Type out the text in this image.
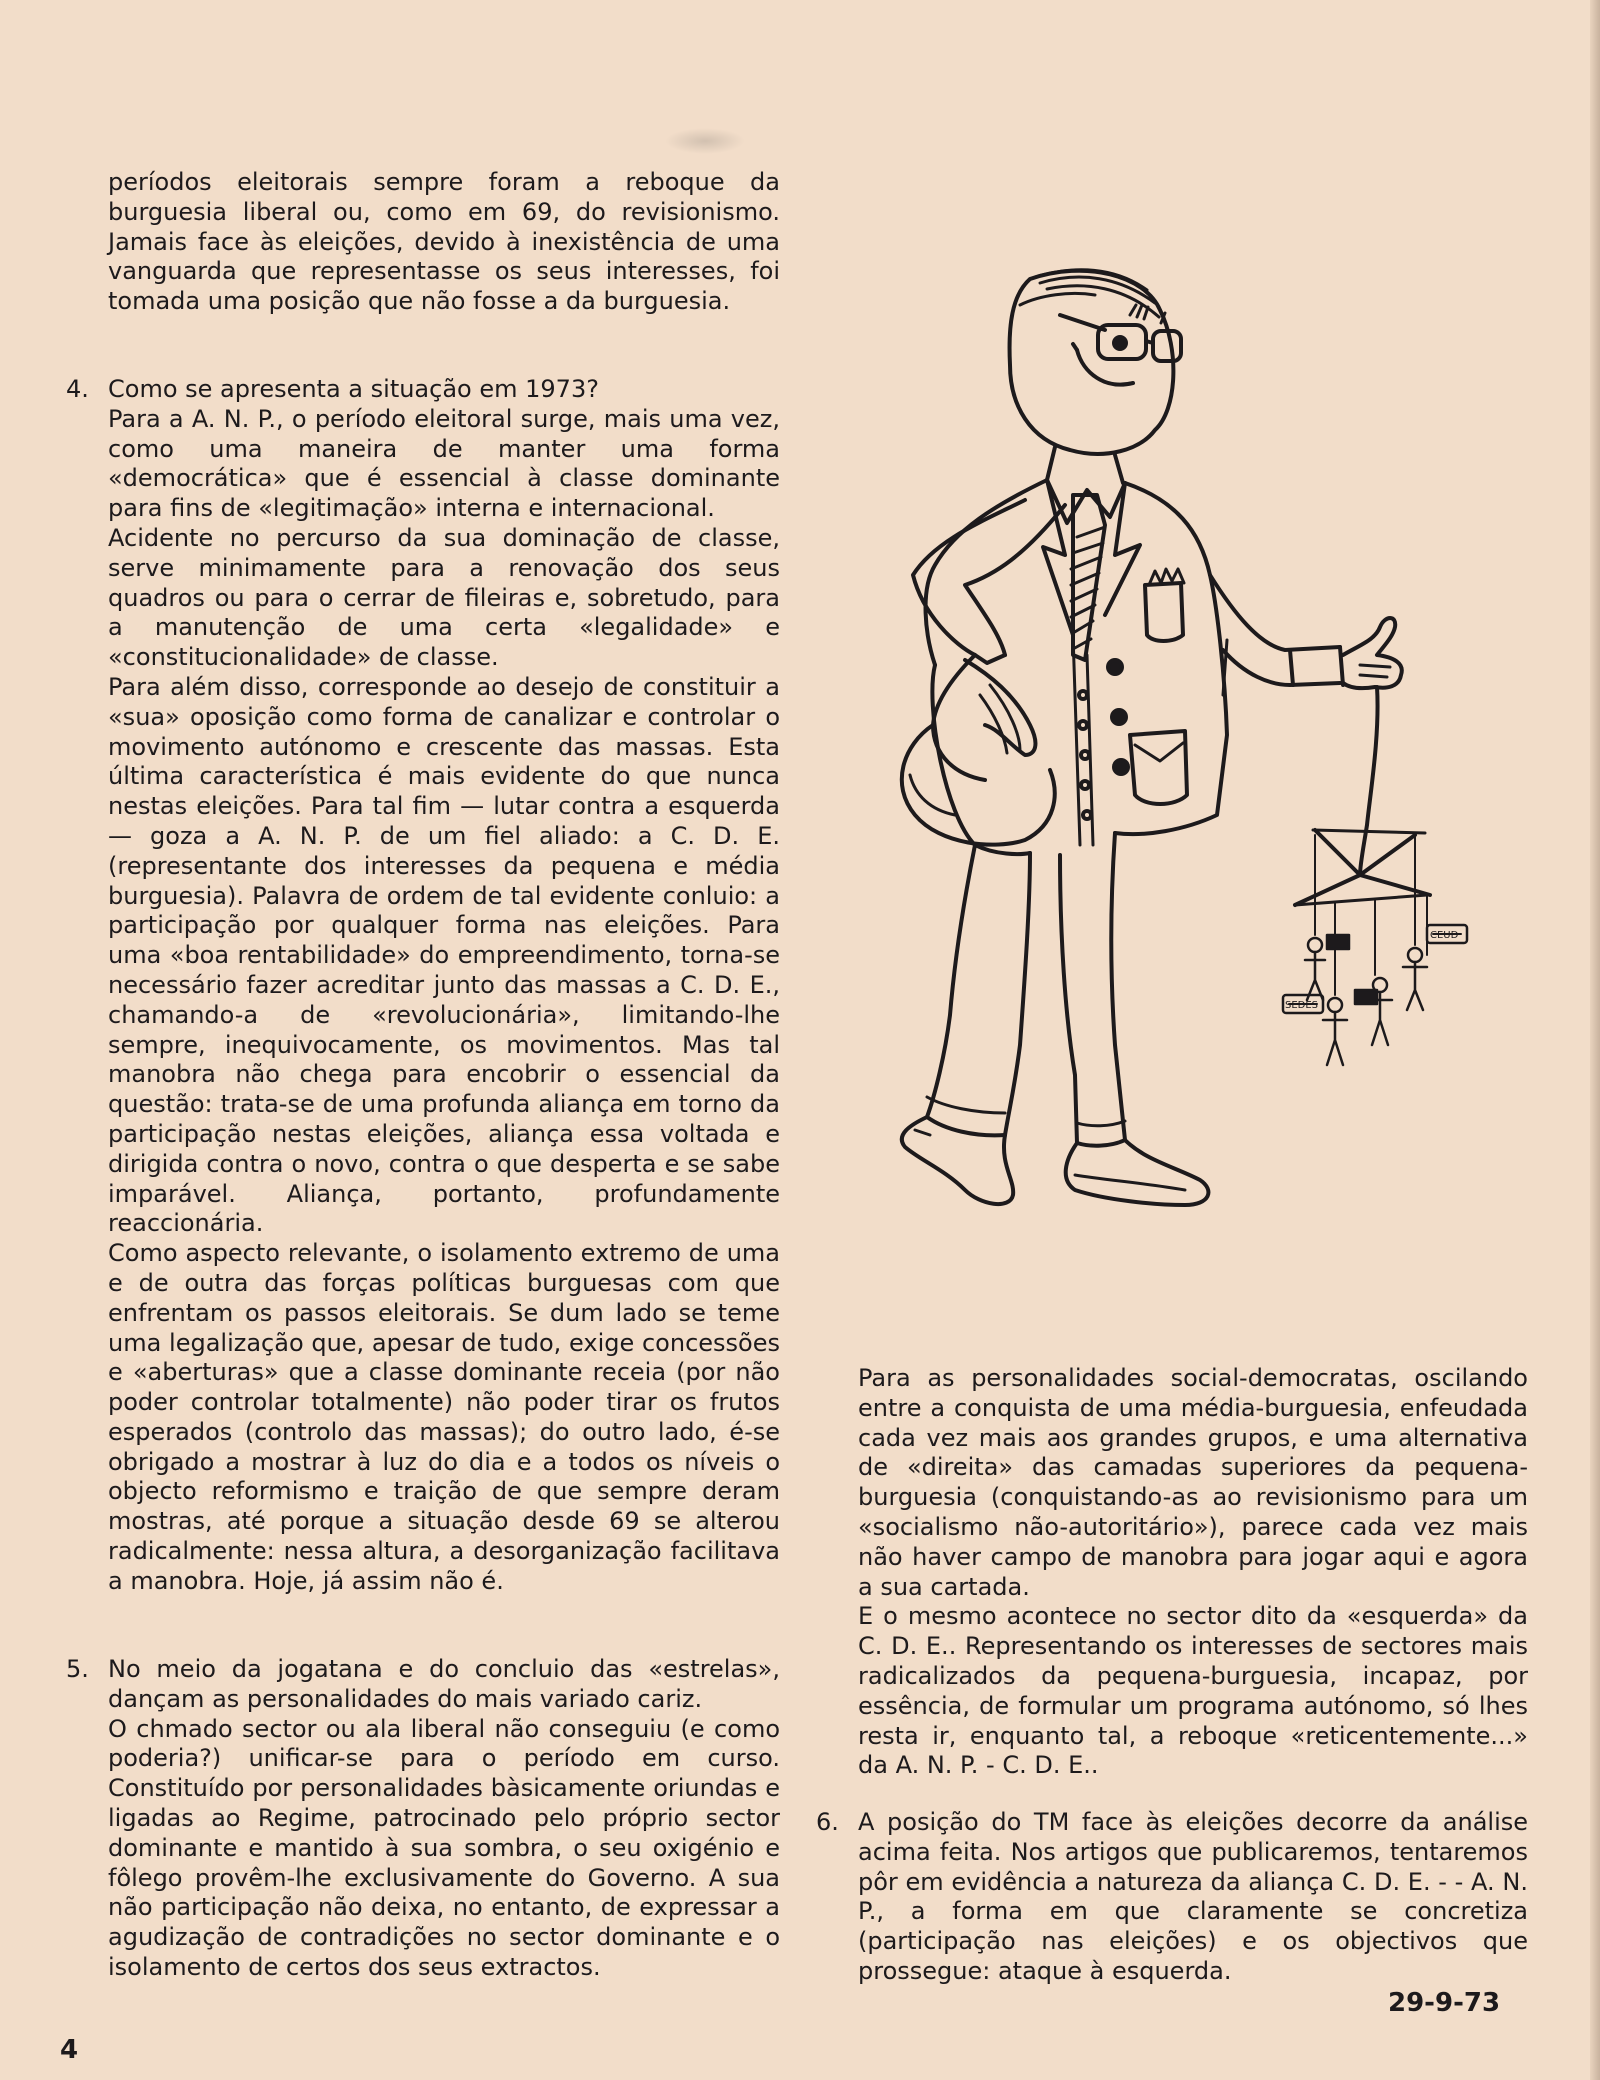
períodos eleitorais sempre foram a reboque da burguesia liberal ou, como em 69, do revisionismo. Jamais face às eleições, devido à inexistência de uma vanguarda que representasse os seus interesses, foi tomada uma posição que não fosse a da burguesia.

4. Como se apresenta a situação em 1973?

Para a A. N. P., o período eleitoral surge, mais uma vez, como uma maneira de manter uma forma «democrática» que é essencial à classe dominante para fins de «legitimação» interna e internacional.

Acidente no percurso da sua dominação de classe, serve minimamente para a renovação dos seus quadros ou para o cerrar de fileiras e, sobretudo, para a manutenção de uma certa «legalidade» e «constitucionalidade» de classe.

Para além disso, corresponde ao desejo de constituir a «sua» oposição como forma de canalizar e controlar o movimento autónomo e crescente das massas. Esta última característica é mais evidente do que nunca nestas eleições. Para tal fim — lutar contra a esquerda — goza a A. N. P. de um fiel aliado: a C. D. E. (representante dos interesses da pequena e média burguesia). Palavra de ordem de tal evidente conluio: a participação por qualquer forma nas eleições. Para uma «boa rentabilidade» do empreendimento, torna-se necessário fazer acreditar junto das massas a C. D. E., chamando-a de «revolucionária», limitando-lhe sempre, inequivocamente, os movimentos. Mas tal manobra não chega para encobrir o essencial da questão: trata-se de uma profunda aliança em torno da participação nestas eleições, aliança essa voltada e dirigida contra o novo, contra o que desperta e se sabe imparável. Aliança, portanto, profundamente reaccionária.

Como aspecto relevante, o isolamento extremo de uma e de outra das forças políticas burguesas com que enfrentam os passos eleitorais. Se dum lado se teme uma legalização que, apesar de tudo, exige concessões e «aberturas» que a classe dominante receia (por não poder controlar totalmente) não poder tirar os frutos esperados (controlo das massas); do outro lado, é-se obrigado a mostrar à luz do dia e a todos os níveis o objecto reformismo e traição de que sempre deram mostras, até porque a situação desde 69 se alterou radicalmente: nessa altura, a desorganização facilitava a manobra. Hoje, já assim não é.

5. No meio da jogatana e do concluio das «estrelas», dançam as personalidades do mais variado cariz.

O chmado sector ou ala liberal não conseguiu (e como poderia?) unificar-se para o período em curso. Constituído por personalidades bàsicamente oriundas e ligadas ao Regime, patrocinado pelo próprio sector dominante e mantido à sua sombra, o seu oxigénio e fôlego provêm-lhe exclusivamente do Governo. A sua não participação não deixa, no entanto, de expressar a agudização de contradições no sector dominante e o isolamento de certos dos seus extractos.

SEDES
CEUD

Para as personalidades social-democratas, oscilando entre a conquista de uma média-burguesia, enfeudada cada vez mais aos grandes grupos, e uma alternativa de «direita» das camadas superiores da pequena-burguesia (conquistando-as ao revisionismo para um «socialismo não-autoritário»), parece cada vez mais não haver campo de manobra para jogar aqui e agora a sua cartada.

E o mesmo acontece no sector dito da «esquerda» da C. D. E.. Representando os interesses de sectores mais radicalizados da pequena-burguesia, incapaz, por essência, de formular um programa autónomo, só lhes resta ir, enquanto tal, a reboque «reticentemente...» da A. N. P. - C. D. E..

6. A posição do TM face às eleições decorre da análise acima feita. Nos artigos que publicaremos, tentaremos pôr em evidência a natureza da aliança C. D. E. - - A. N. P., a forma em que claramente se concretiza (participação nas eleições) e os objectivos que prossegue: ataque à esquerda.

29-9-73
4
